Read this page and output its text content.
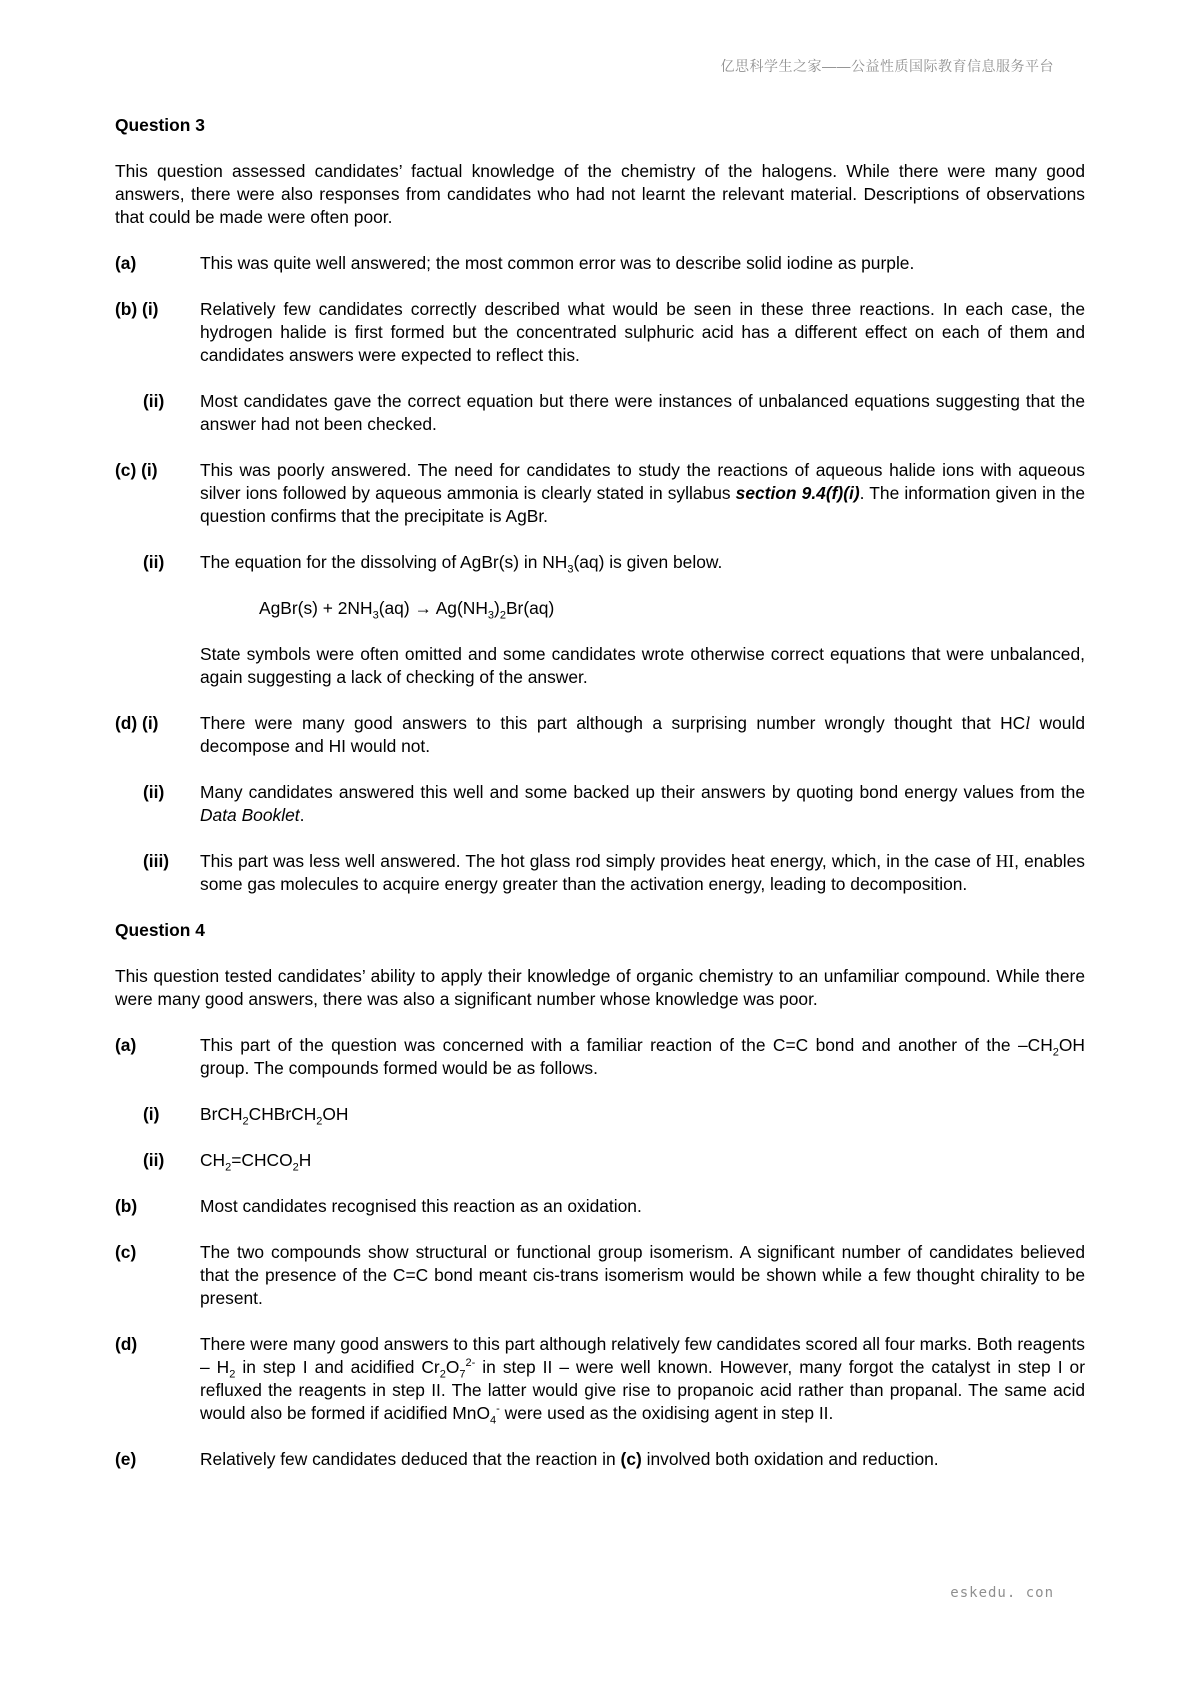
亿思科学生之家——公益性质国际教育信息服务平台
Question 3
This question assessed candidates’ factual knowledge of the chemistry of the halogens. While there were many good answers, there were also responses from candidates who had not learnt the relevant material. Descriptions of observations that could be made were often poor.
(a)	This was quite well answered; the most common error was to describe solid iodine as purple.
(b) (i) Relatively few candidates correctly described what would be seen in these three reactions. In each case, the hydrogen halide is first formed but the concentrated sulphuric acid has a different effect on each of them and candidates answers were expected to reflect this.
(ii) Most candidates gave the correct equation but there were instances of unbalanced equations suggesting that the answer had not been checked.
(c) (i) This was poorly answered. The need for candidates to study the reactions of aqueous halide ions with aqueous silver ions followed by aqueous ammonia is clearly stated in syllabus section 9.4(f)(i). The information given in the question confirms that the precipitate is AgBr.
(ii) The equation for the dissolving of AgBr(s) in $NH_3(aq)$ is given below.
AgBr(s) + $2NH_3(aq) \to Ag(NH_3)_2Br(aq)$
State symbols were often omitted and some candidates wrote otherwise correct equations that were unbalanced, again suggesting a lack of checking of the answer.
(d) (i) There were many good answers to this part although a surprising number wrongly thought that HCl would decompose and HI would not.
(ii) Many candidates answered this well and some backed up their answers by quoting bond energy values from the Data Booklet.
(iii) This part was less well answered. The hot glass rod simply provides heat energy, which, in the case of HI, enables some gas molecules to acquire energy greater than the activation energy, leading to decomposition.
Question 4
This question tested candidates’ ability to apply their knowledge of organic chemistry to an unfamiliar compound. While there were many good answers, there was also a significant number whose knowledge was poor.
(a)	This part of the question was concerned with a familiar reaction of the C=C bond and another of the $-CH_2OH$ group. The compounds formed would be as follows.
(i) BrCH$_2$CHBrCH$_2$OH
(ii) $CH_2=CHCO_2H$
(b)	Most candidates recognised this reaction as an oxidation.
(c)	The two compounds show structural or functional group isomerism. A significant number of candidates believed that the presence of the C=C bond meant cis-trans isomerism would be shown while a few thought chirality to be present.
(d)	There were many good answers to this part although relatively few candidates scored all four marks. Both reagents – $H_2$ in step I and acidified $Cr_2O_7^{2-}$ in step II – were well known. However, many forgot the catalyst in step I or refluxed the reagents in step II. The latter would give rise to propanoic acid rather than propanal. The same acid would also be formed if acidified MnO$_4$- were used as the oxidising agent in step II.
(e)	Relatively few candidates deduced that the reaction in (c) involved both oxidation and reduction.
eskedu. con
